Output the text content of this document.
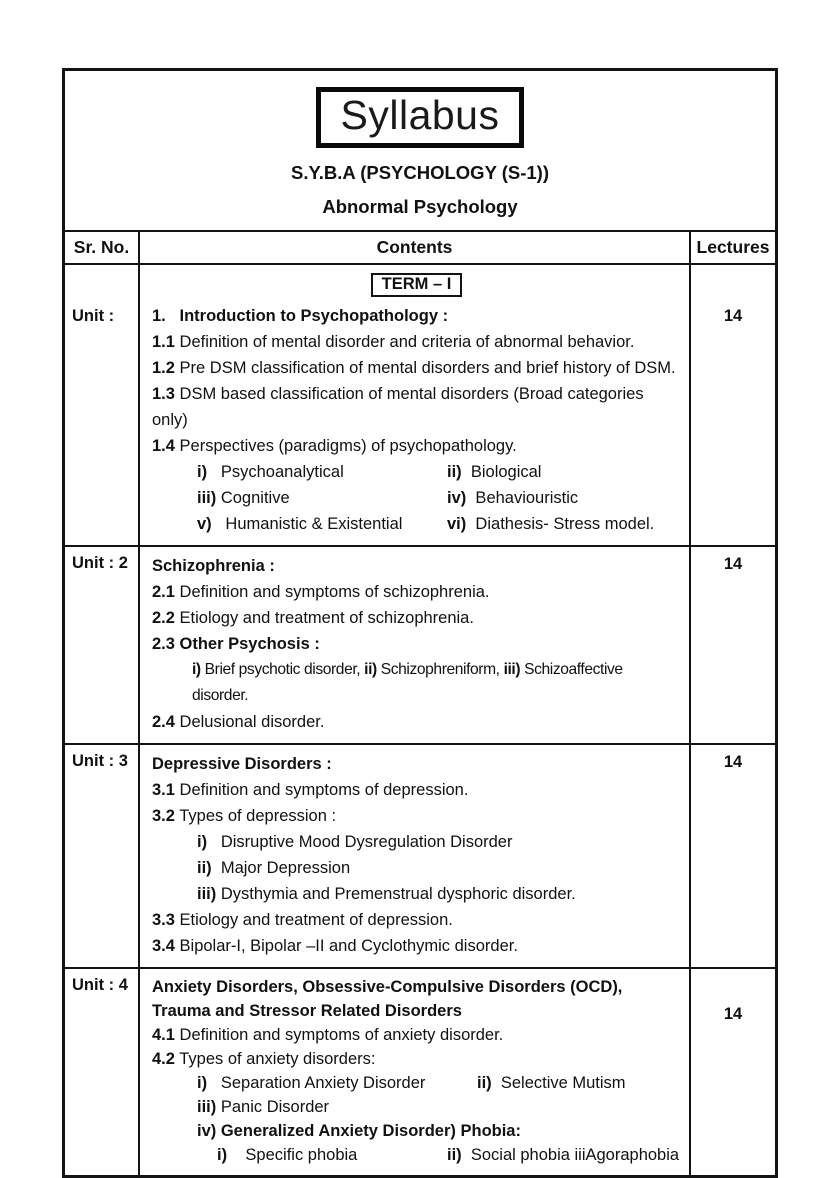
Syllabus
S.Y.B.A (PSYCHOLOGY (S-1))
Abnormal Psychology
Sr. No.	Contents	Lectures
Unit :
TERM – I
1.   Introduction to Psychopathology :
1.1 Definition of mental disorder and criteria of abnormal behavior.
1.2 Pre DSM classification of mental disorders and brief history of DSM.
1.3 DSM based classification of mental disorders (Broad categories only)
1.4 Perspectives (paradigms) of psychopathology.
i)   Psychoanalytical	ii)  Biological
iii) Cognitive	iv)  Behaviouristic
v)   Humanistic & Existential	vi)  Diathesis- Stress model.
14
Unit : 2	Schizophrenia :
2.1 Definition and symptoms of schizophrenia.
2.2 Etiology and treatment of schizophrenia.
2.3 Other Psychosis :
i) Brief psychotic disorder, ii) Schizophreniform, iii) Schizoaffective disorder.
2.4 Delusional disorder.
14
Unit : 3	Depressive Disorders :
3.1 Definition and symptoms of depression.
3.2 Types of depression :
i)   Disruptive Mood Dysregulation Disorder
ii)  Major Depression
iii) Dysthymia and Premenstrual dysphoric disorder.
3.3 Etiology and treatment of depression.
3.4 Bipolar-I, Bipolar –II and Cyclothymic disorder.
14
Unit : 4	Anxiety Disorders, Obsessive-Compulsive Disorders (OCD),
Trauma and Stressor Related Disorders
4.1 Definition and symptoms of anxiety disorder.
4.2 Types of anxiety disorders:
i)   Separation Anxiety Disorder	ii)  Selective Mutism
iii) Panic Disorder
iv) Generalized Anxiety Disorder) Phobia:
i)    Specific phobia	ii)  Social phobia iiiAgoraphobia
14
